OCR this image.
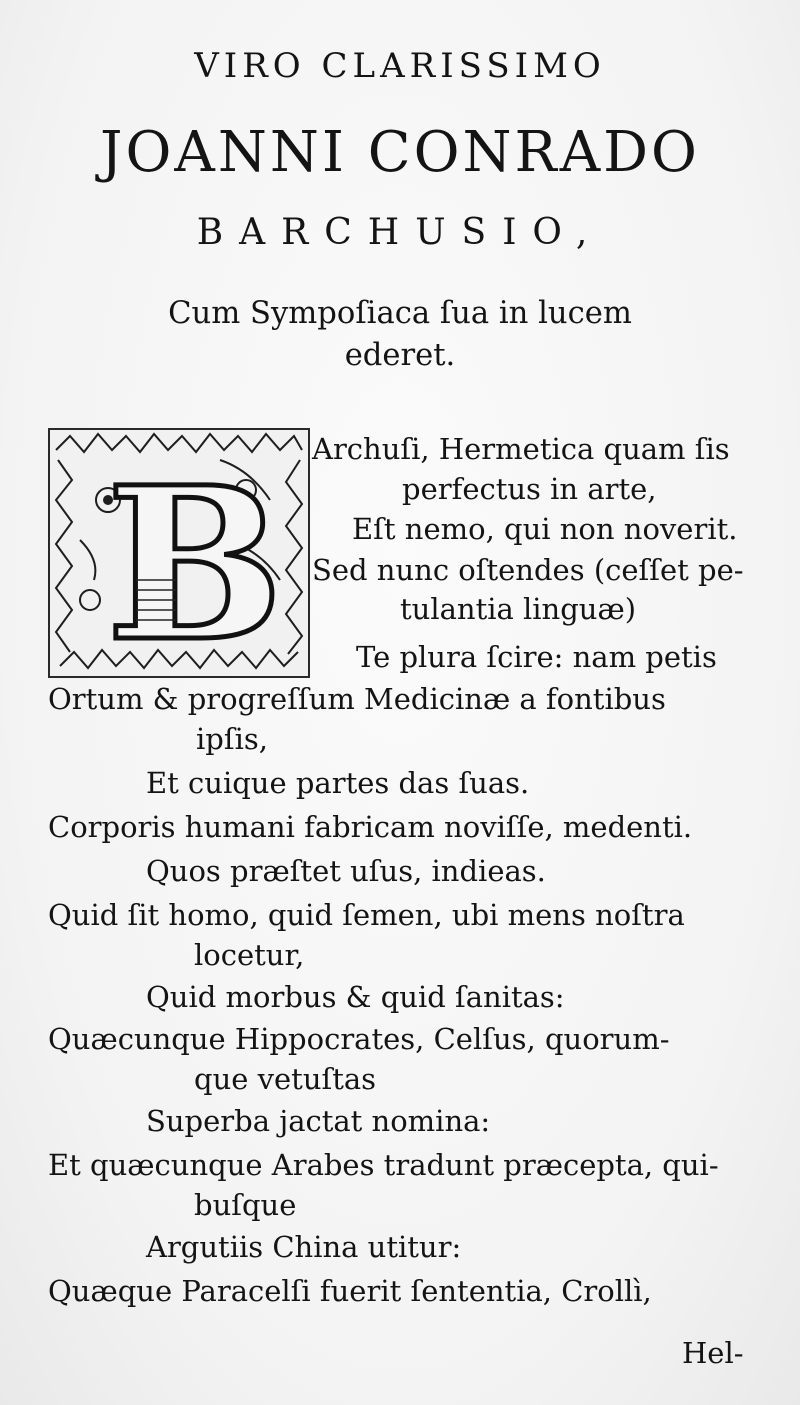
VIRO CLARISSIMO
JOANNI CONRADO
BARCHUSIO,
Cum Sympoſiaca ſua in lucem
ederet.
B Archuſi, Hermetica quam ſis
perfectus in arte,
Eſt nemo, qui non noverit.
Sed nunc oſtendes (ceſſet pe-
tulantia linguæ)
Te plura ſcire: nam petis
Ortum & progreſſum Medicinæ a fontibus
ipſis,
Et cuique partes das ſuas.
Corporis humani fabricam noviſſe, medenti.
Quos præſtet uſus, indieas.
Quid ſit homo, quid ſemen, ubi mens noſtra
locetur,
Quid morbus & quid ſanitas:
Quæcunque Hippocrates, Celſus, quorum-
que vetuſtas
Superba jactat nomina:
Et quæcunque Arabes tradunt præcepta, qui-
buſque
Argutiis China utitur:
Quæque Paracelſi fuerit ſententia, Crollì,
Hel-
